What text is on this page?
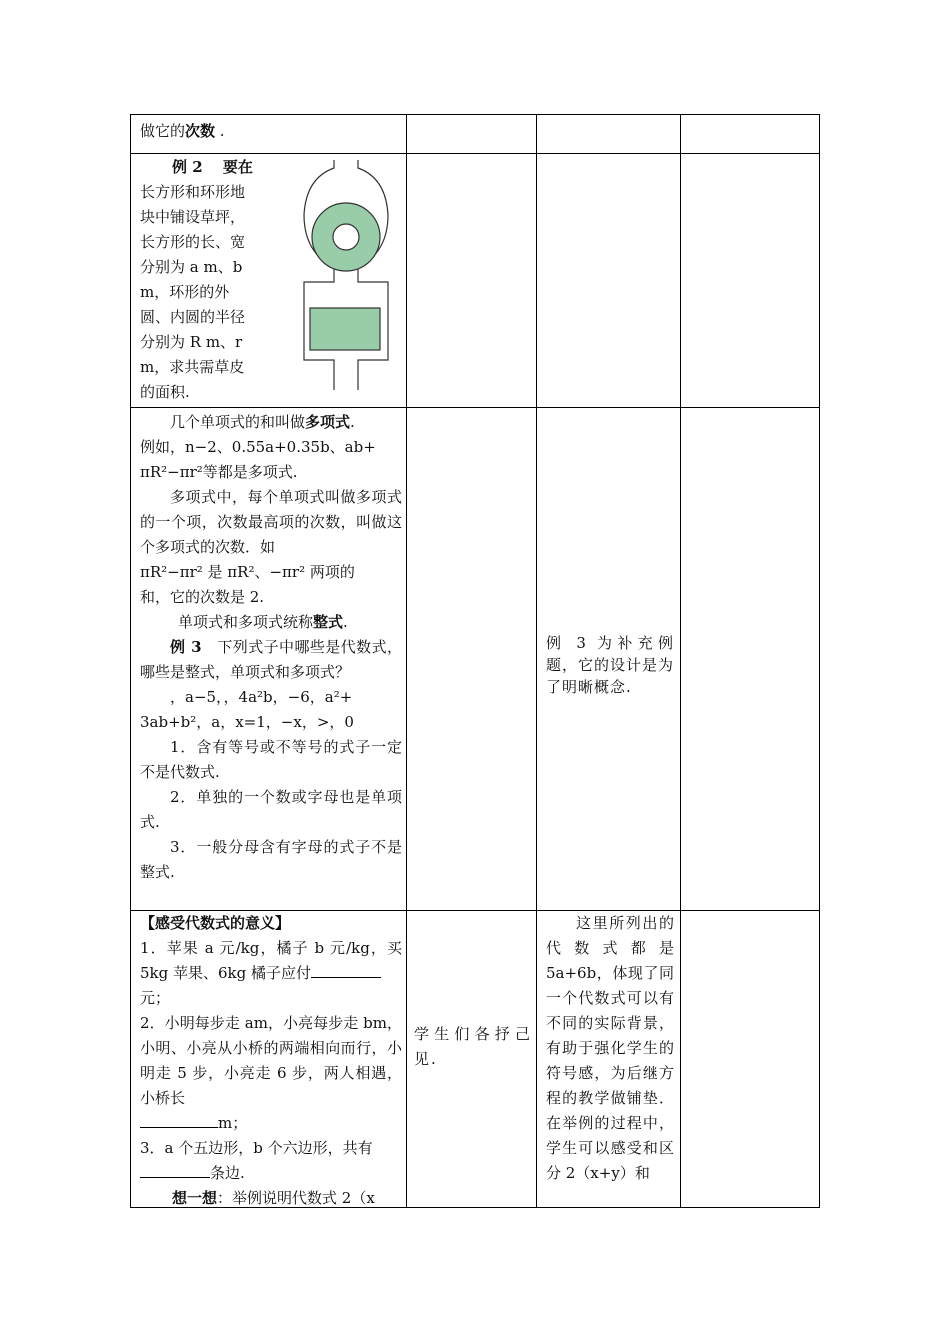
做它的次数 .
例 2　 要在
长方形和环形地
块中铺设草坪，
长方形的长、宽
分别为 a m、b
m，环形的外
圆、内圆的半径
分别为 R m、r
m，求共需草皮
的面积.
几个单项式的和叫做多项式.
例如，n−2、0.55a+0.35b、ab+
πR²−πr²等都是多项式.
多项式中，每个单项式叫做多项式的一个项，次数最高项的次数，叫做这个多项式的次数．如
πR²−πr² 是 πR²、−πr² 两项的
和，它的次数是 2.
单项式和多项式统称整式.
例 3　下列式子中哪些是代数式，哪些是整式，单项式和多项式？
，a−5，，4a²b，−6，a²+
3ab+b²，a，x=1，−x，>，0
1．含有等号或不等号的式子一定不是代数式.
2．单独的一个数或字母也是单项式.
3．一般分母含有字母的式子不是整式.
例 3 为补充例题，它的设计是为了明晰概念.
【感受代数式的意义】
1．苹果 a 元/kg，橘子 b 元/kg，买 5kg 苹果、6kg 橘子应付
元；
2．小明每步走 am，小亮每步走 bm，小明、小亮从小桥的两端相向而行，小明走 5 步，小亮走 6 步，两人相遇，小桥长
m；
3．a 个五边形，b 个六边形，共有
条边.
想一想：举例说明代数式 2（x
学生们各抒己见.
这里所列出的代数式都是 5a+6b，体现了同一个代数式可以有不同的实际背景，有助于强化学生的符号感，为后继方程的教学做铺垫．在举例的过程中，学生可以感受和区分 2（x+y）和
